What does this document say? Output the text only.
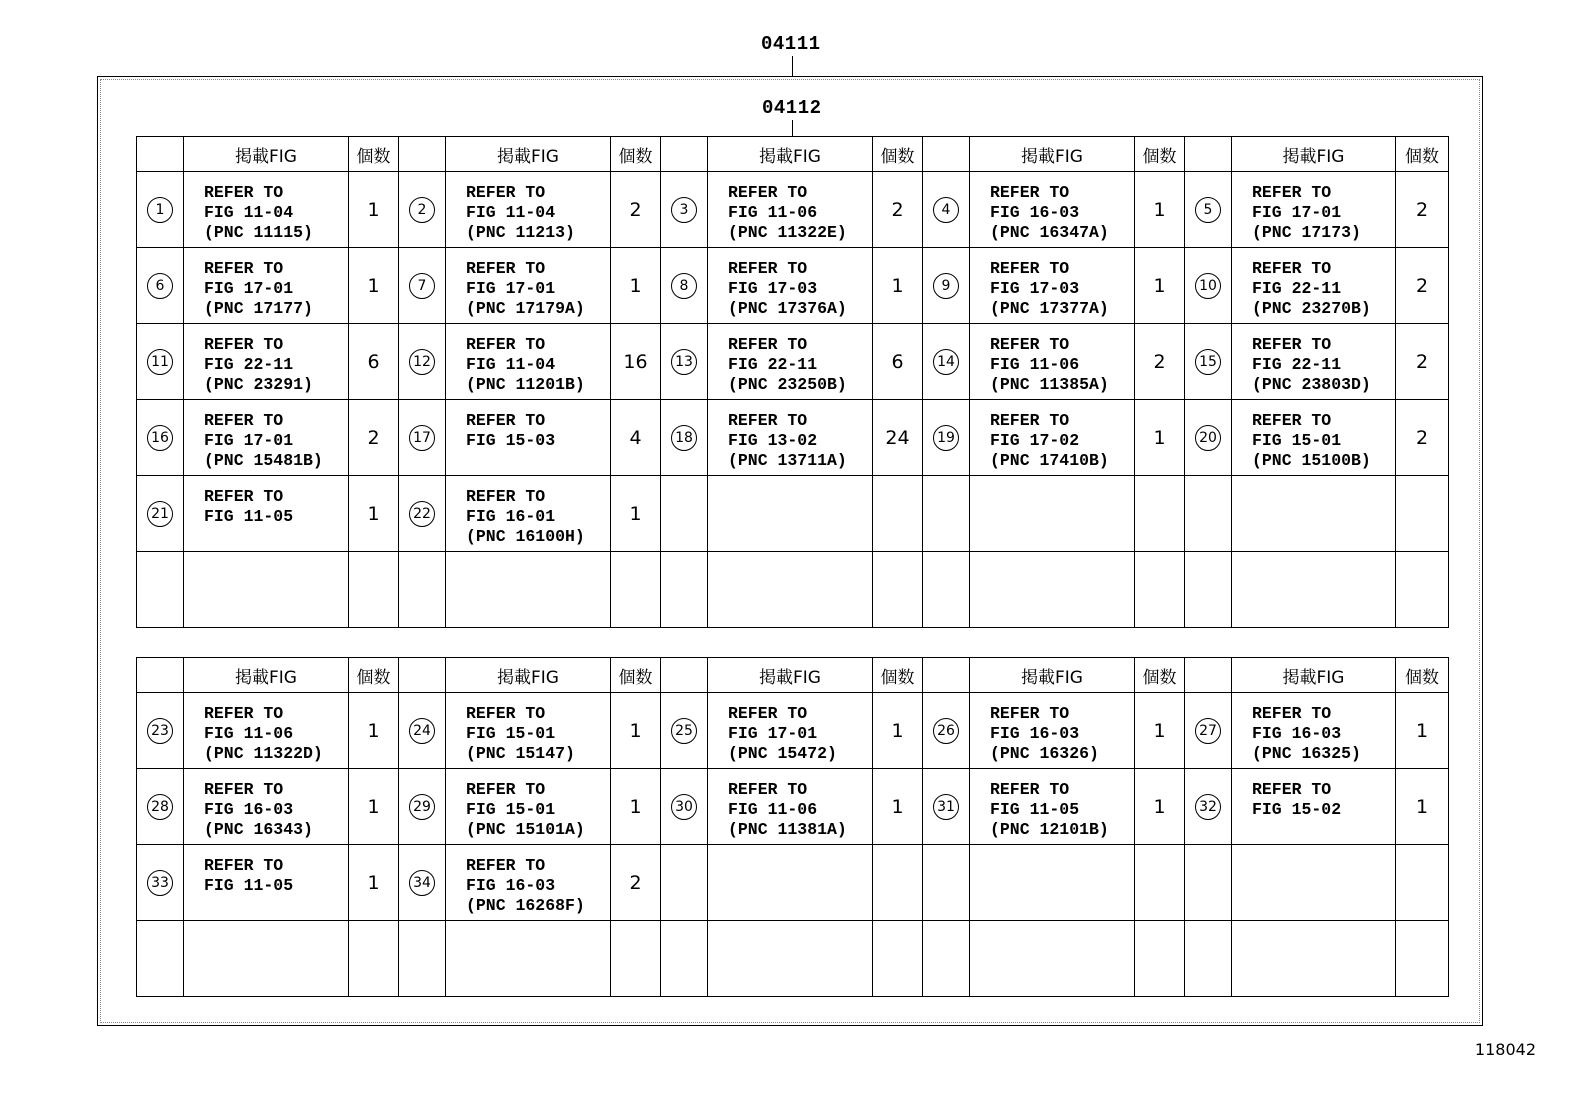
04111
04112
	掲載FIG	個数		掲載FIG	個数		掲載FIG	個数		掲載FIG	個数		掲載FIG	個数
1	REFER TO
FIG 11-04
(PNC 11115)	1	2	REFER TO
FIG 11-04
(PNC 11213)	2	3	REFER TO
FIG 11-06
(PNC 11322E)	2	4	REFER TO
FIG 16-03
(PNC 16347A)	1	5	REFER TO
FIG 17-01
(PNC 17173)	2
6	REFER TO
FIG 17-01
(PNC 17177)	1	7	REFER TO
FIG 17-01
(PNC 17179A)	1	8	REFER TO
FIG 17-03
(PNC 17376A)	1	9	REFER TO
FIG 17-03
(PNC 17377A)	1	10	REFER TO
FIG 22-11
(PNC 23270B)	2
11	REFER TO
FIG 22-11
(PNC 23291)	6	12	REFER TO
FIG 11-04
(PNC 11201B)	16	13	REFER TO
FIG 22-11
(PNC 23250B)	6	14	REFER TO
FIG 11-06
(PNC 11385A)	2	15	REFER TO
FIG 22-11
(PNC 23803D)	2
16	REFER TO
FIG 17-01
(PNC 15481B)	2	17	REFER TO
FIG 15-03	4	18	REFER TO
FIG 13-02
(PNC 13711A)	24	19	REFER TO
FIG 17-02
(PNC 17410B)	1	20	REFER TO
FIG 15-01
(PNC 15100B)	2
21	REFER TO
FIG 11-05	1	22	REFER TO
FIG 16-01
(PNC 16100H)	1									

	掲載FIG	個数		掲載FIG	個数		掲載FIG	個数		掲載FIG	個数		掲載FIG	個数
23	REFER TO
FIG 11-06
(PNC 11322D)	1	24	REFER TO
FIG 15-01
(PNC 15147)	1	25	REFER TO
FIG 17-01
(PNC 15472)	1	26	REFER TO
FIG 16-03
(PNC 16326)	1	27	REFER TO
FIG 16-03
(PNC 16325)	1
28	REFER TO
FIG 16-03
(PNC 16343)	1	29	REFER TO
FIG 15-01
(PNC 15101A)	1	30	REFER TO
FIG 11-06
(PNC 11381A)	1	31	REFER TO
FIG 11-05
(PNC 12101B)	1	32	REFER TO
FIG 15-02	1
33	REFER TO
FIG 11-05	1	34	REFER TO
FIG 16-03
(PNC 16268F)	2									

118042
